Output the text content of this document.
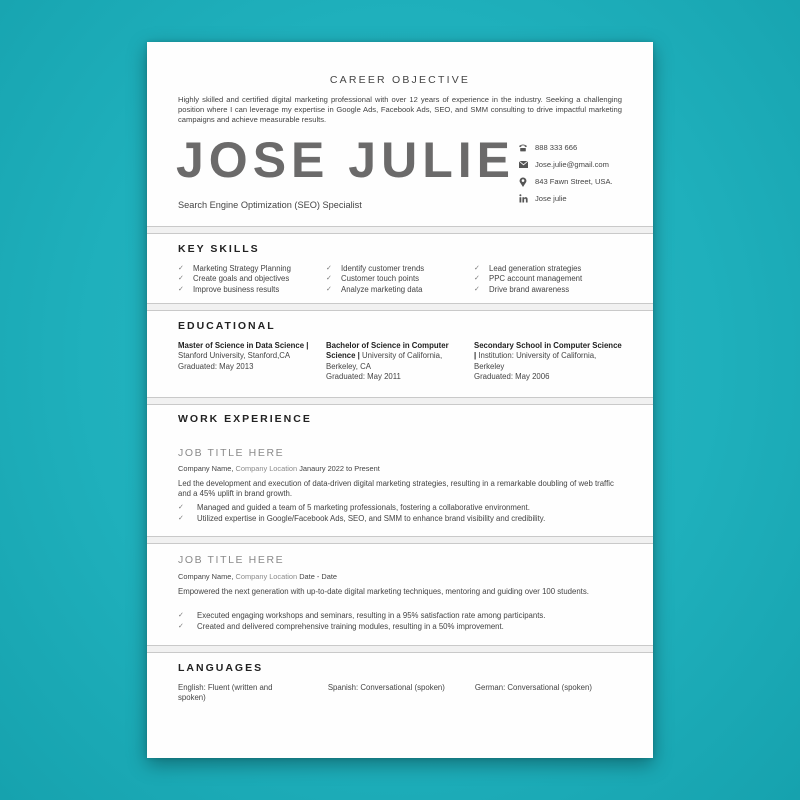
CAREER OBJECTIVE
Highly skilled and certified digital marketing professional with over 12 years of experience in the industry. Seeking a challenging position where I can leverage my expertise in Google Ads, Facebook Ads, SEO, and SMM consulting to drive impactful marketing campaigns and achieve measurable results.
JOSE JULIE
Search Engine Optimization (SEO) Specialist
888 333 666
Jose.julie@gmail.com
843 Fawn Street, USA.
Jose julie
KEY SKILLS
✓	Marketing Strategy Planning
✓	Create goals and objectives
✓	Improve business results
✓	Identify customer trends
✓	Customer touch points
✓	Analyze marketing data
✓	Lead generation strategies
✓	PPC account management
✓	Drive brand awareness
EDUCATIONAL
Master of Science in Data Science | Stanford University, Stanford,CA
Graduated: May 2013
Bachelor of Science in Computer Science | University of California, Berkeley, CA
Graduated: May 2011
Secondary School in Computer Science | Institution: University of California, Berkeley
Graduated: May 2006
WORK EXPERIENCE
JOB TITLE HERE
Company Name, Company Location Janaury 2022 to Present
Led the development and execution of data-driven digital marketing strategies, resulting in a remarkable doubling of web traffic and a 45% uplift in brand growth.
✓	Managed and guided a team of 5 marketing professionals, fostering a collaborative environment.
✓	Utilized expertise in Google/Facebook Ads, SEO, and SMM to enhance brand visibility and credibility.
JOB TITLE HERE
Company Name, Company Location Date - Date
Empowered the next generation with up-to-date digital marketing techniques, mentoring and guiding over 100 students.
✓	Executed engaging workshops and seminars, resulting in a 95% satisfaction rate among participants.
✓	Created and delivered comprehensive training modules, resulting in a 50% improvement.
LANGUAGES
English: Fluent (written and spoken)
Spanish: Conversational (spoken)	German: Conversational (spoken)
